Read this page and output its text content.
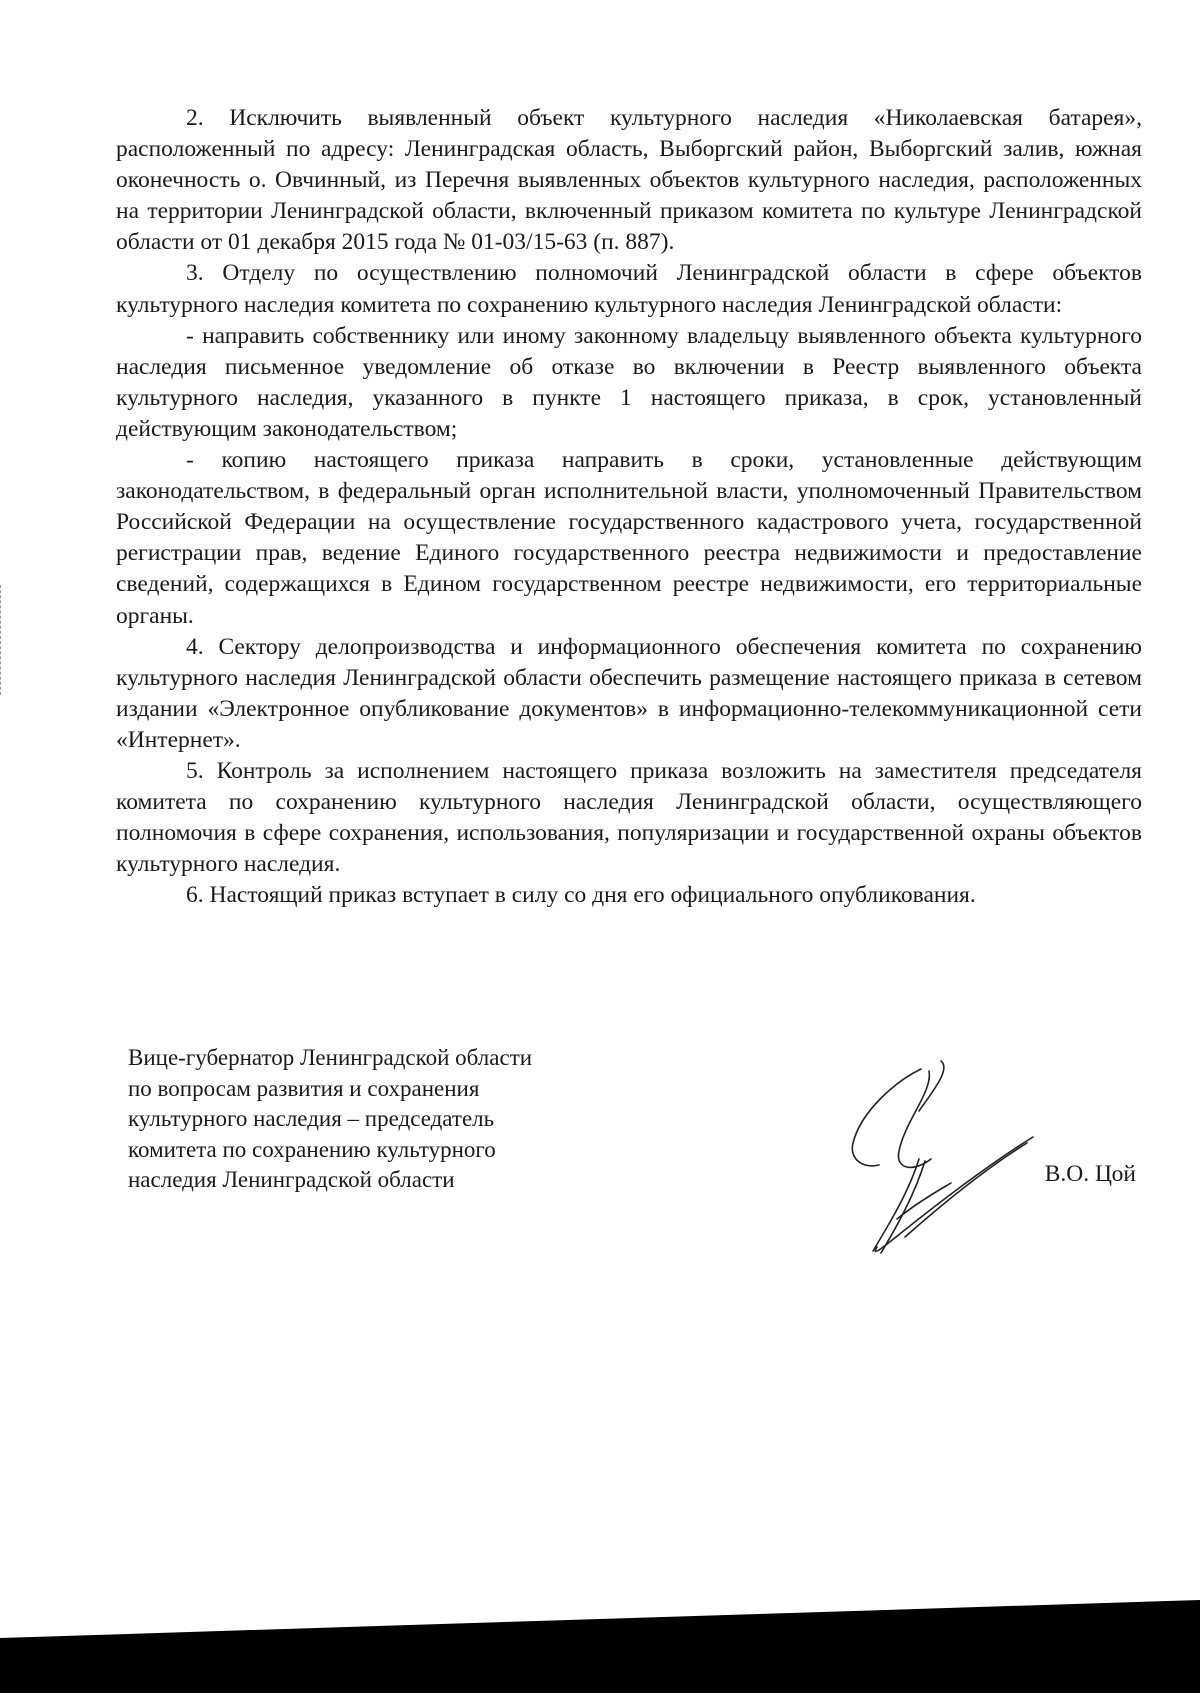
2. Исключить выявленный объект культурного наследия «Николаевская батарея», расположенный по адресу: Ленинградская область, Выборгский район, Выборгский залив, южная оконечность о. Овчинный, из Перечня выявленных объектов культурного наследия, расположенных на территории Ленинградской области, включенный приказом комитета по культуре Ленинградской области от 01 декабря 2015 года № 01-03/15-63 (п. 887).

3. Отделу по осуществлению полномочий Ленинградской области в сфере объектов культурного наследия комитета по сохранению культурного наследия Ленинградской области:

- направить собственнику или иному законному владельцу выявленного объекта культурного наследия письменное уведомление об отказе во включении в Реестр выявленного объекта культурного наследия, указанного в пункте 1 настоящего приказа, в срок, установленный действующим законодательством;

- копию настоящего приказа направить в сроки, установленные действующим законодательством, в федеральный орган исполнительной власти, уполномоченный Правительством Российской Федерации на осуществление государственного кадастрового учета, государственной регистрации прав, ведение Единого государственного реестра недвижимости и предоставление сведений, содержащихся в Едином государственном реестре недвижимости, его территориальные органы.

4. Сектору делопроизводства и информационного обеспечения комитета по сохранению культурного наследия Ленинградской области обеспечить размещение настоящего приказа в сетевом издании «Электронное опубликование документов» в информационно-телекоммуникационной сети «Интернет».

5. Контроль за исполнением настоящего приказа возложить на заместителя председателя комитета по сохранению культурного наследия Ленинградской области, осуществляющего полномочия в сфере сохранения, использования, популяризации и государственной охраны объектов культурного наследия.

6. Настоящий приказ вступает в силу со дня его официального опубликования.

Вице-губернатор Ленинградской области
по вопросам развития и сохранения
культурного наследия – председатель
комитета по сохранению культурного
наследия Ленинградской области	В.О. Цой
